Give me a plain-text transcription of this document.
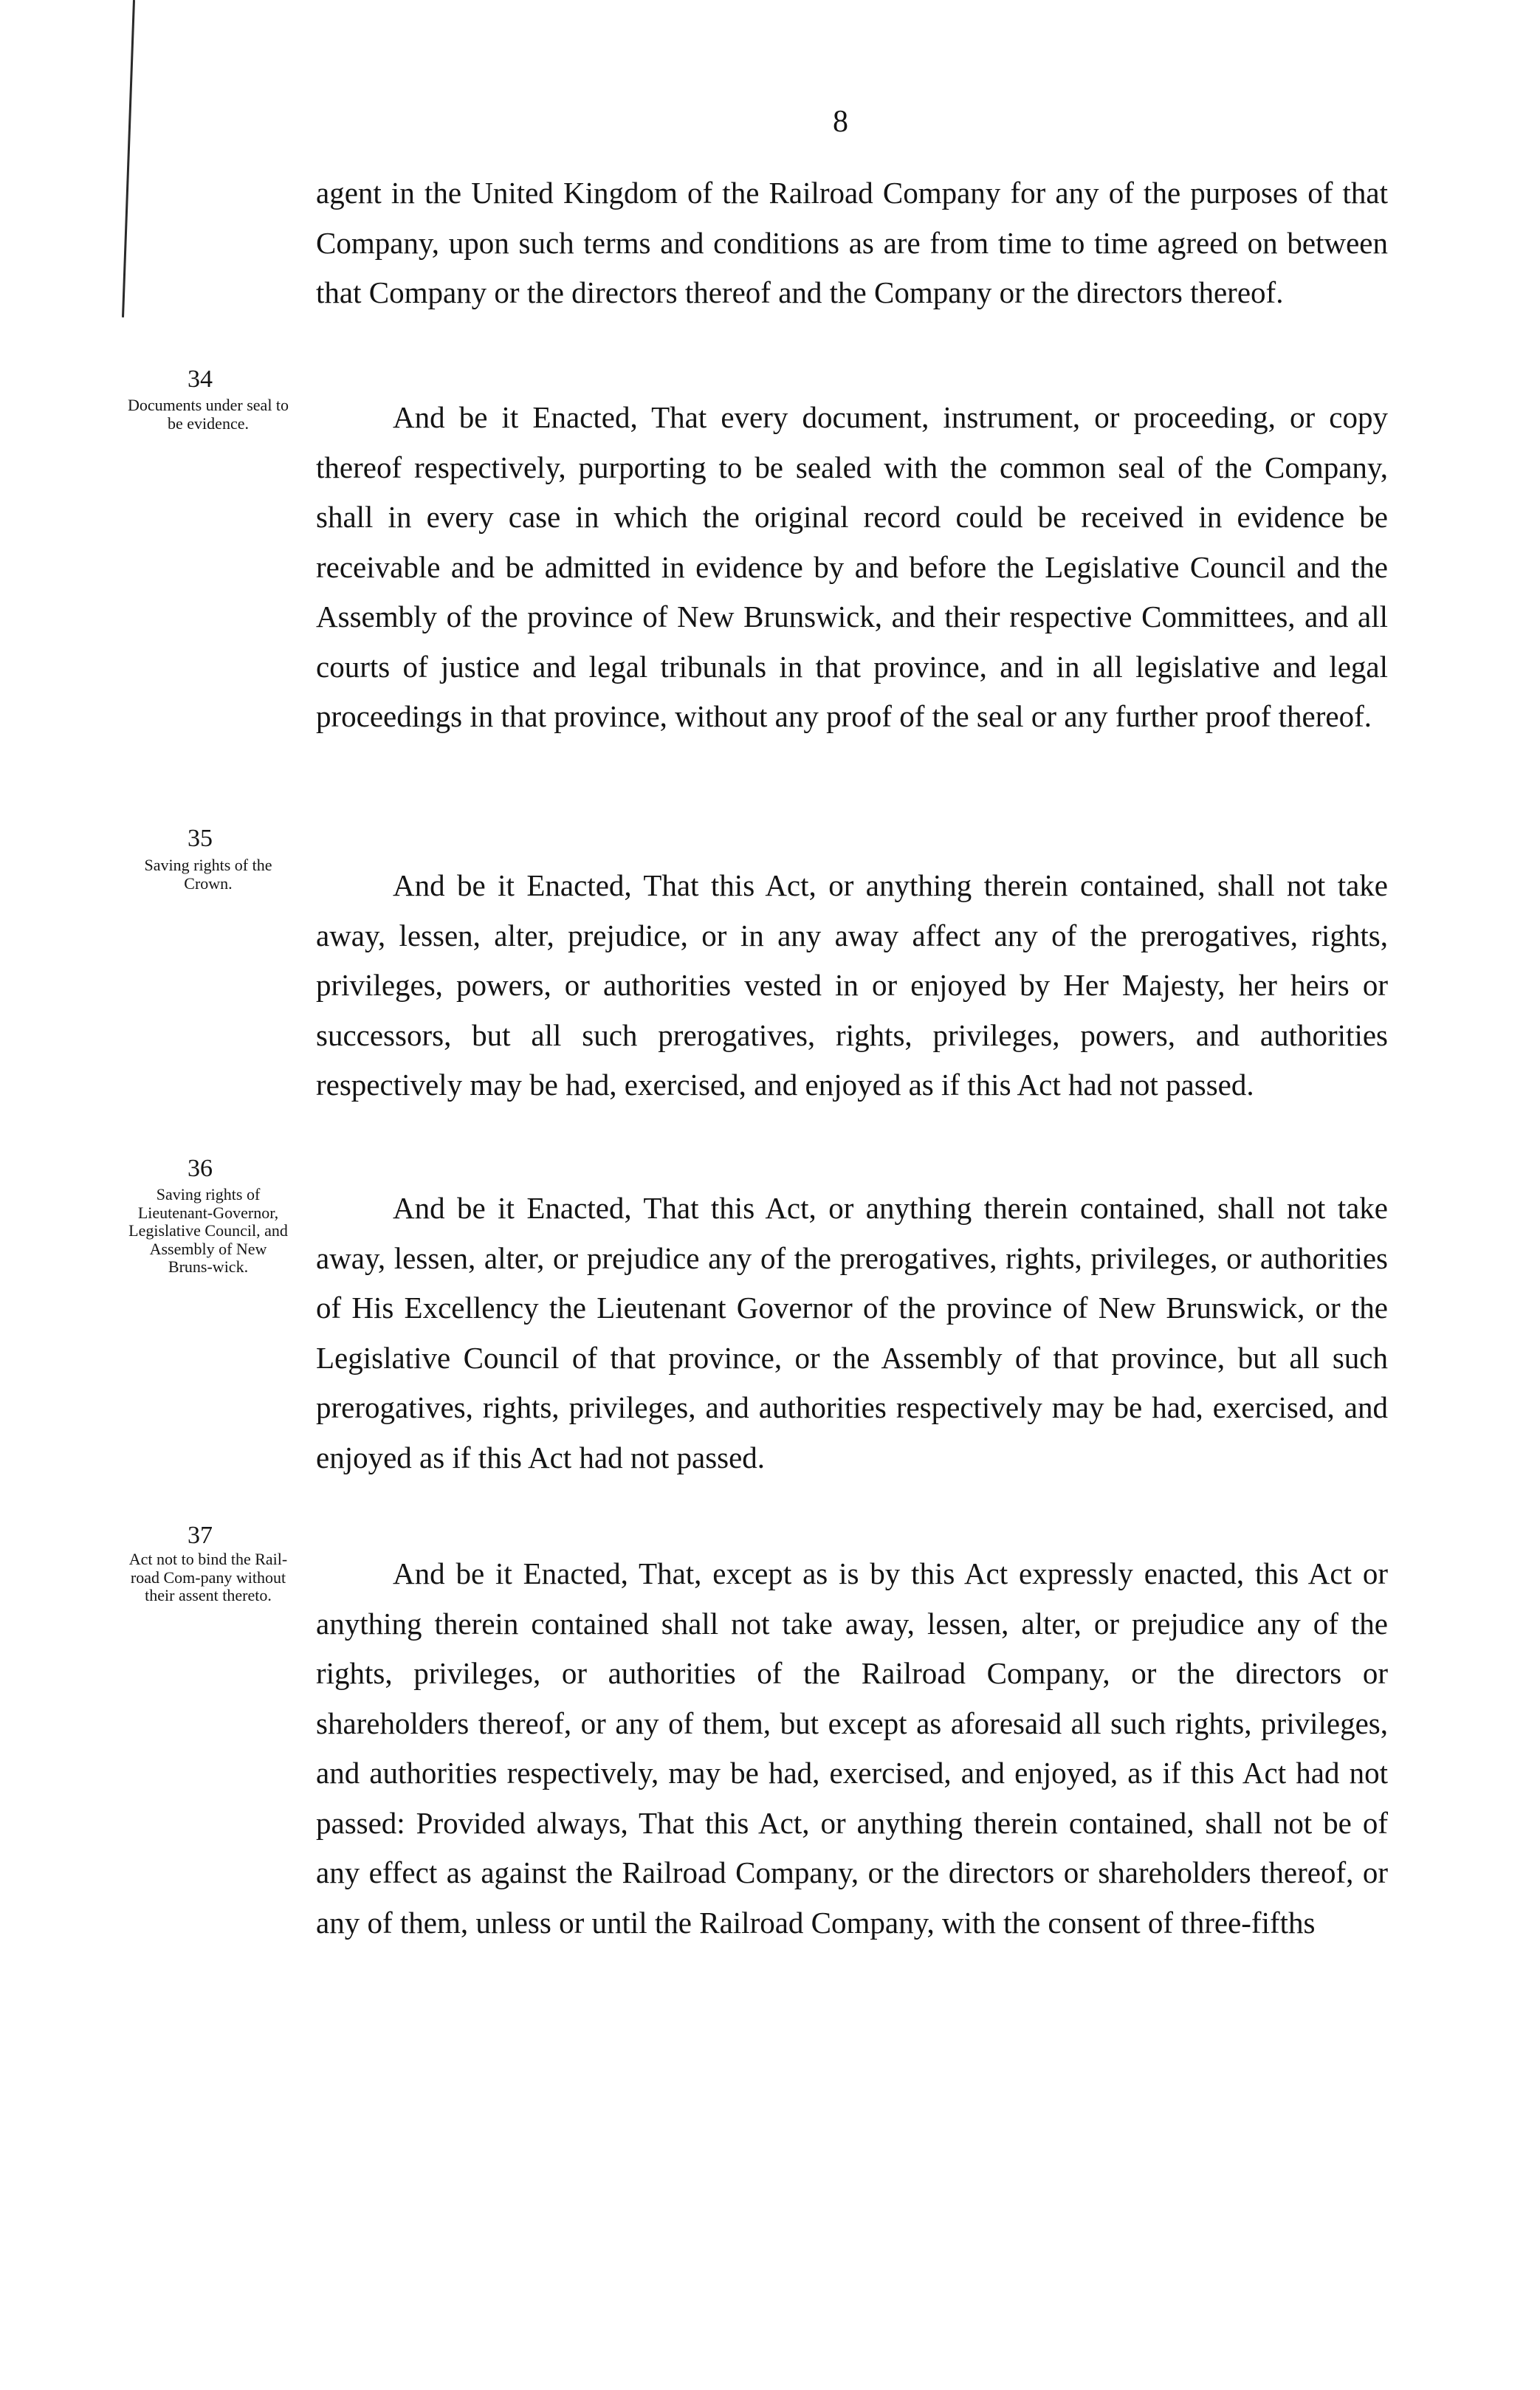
8

agent in the United Kingdom of the Railroad Company for any of the purposes of that Company, upon such terms and conditions as are from time to time agreed on between that Company or the directors thereof and the Company or the directors thereof.

34
Documents under seal to be evidence.	And be it Enacted, That every document, instrument, or proceeding, or copy thereof respectively, purporting to be sealed with the common seal of the Company, shall in every case in which the original record could be received in evidence be receivable and be admitted in evidence by and before the Legislative Council and the Assembly of the province of New Brunswick, and their respective Committees, and all courts of justice and legal tribunals in that province, and in all legislative and legal proceedings in that province, without any proof of the seal or any further proof thereof.

35
Saving rights of the Crown.	And be it Enacted, That this Act, or anything therein contained, shall not take away, lessen, alter, prejudice, or in any away affect any of the prerogatives, rights, privileges, powers, or authorities vested in or enjoyed by Her Majesty, her heirs or successors, but all such prerogatives, rights, privileges, powers, and authorities respectively may be had, exercised, and enjoyed as if this Act had not passed.

36
Saving rights of Lieutenant-Governor, Legislative Council, and Assembly of New Bruns-wick.

And be it Enacted, That this Act, or anything therein contained, shall not take away, lessen, alter, or prejudice any of the prerogatives, rights, privileges, or authorities of His Excellency the Lieutenant Governor of the province of New Brunswick, or the Legislative Council of that province, or the Assembly of that province, but all such prerogatives, rights, privileges, and authorities respectively may be had, exercised, and enjoyed as if this Act had not passed.

37
Act not to bind the Rail-road Com-pany without their assent thereto.

And be it Enacted, That, except as is by this Act expressly enacted, this Act or anything therein contained shall not take away, lessen, alter, or prejudice any of the rights, privileges, or authorities of the Railroad Company, or the directors or shareholders thereof, or any of them, but except as aforesaid all such rights, privileges, and authorities respectively, may be had, exercised, and enjoyed, as if this Act had not passed: Provided always, That this Act, or anything therein contained, shall not be of any effect as against the Railroad Company, or the directors or shareholders thereof, or any of them, unless or until the Railroad Company, with the consent of three-fifths
